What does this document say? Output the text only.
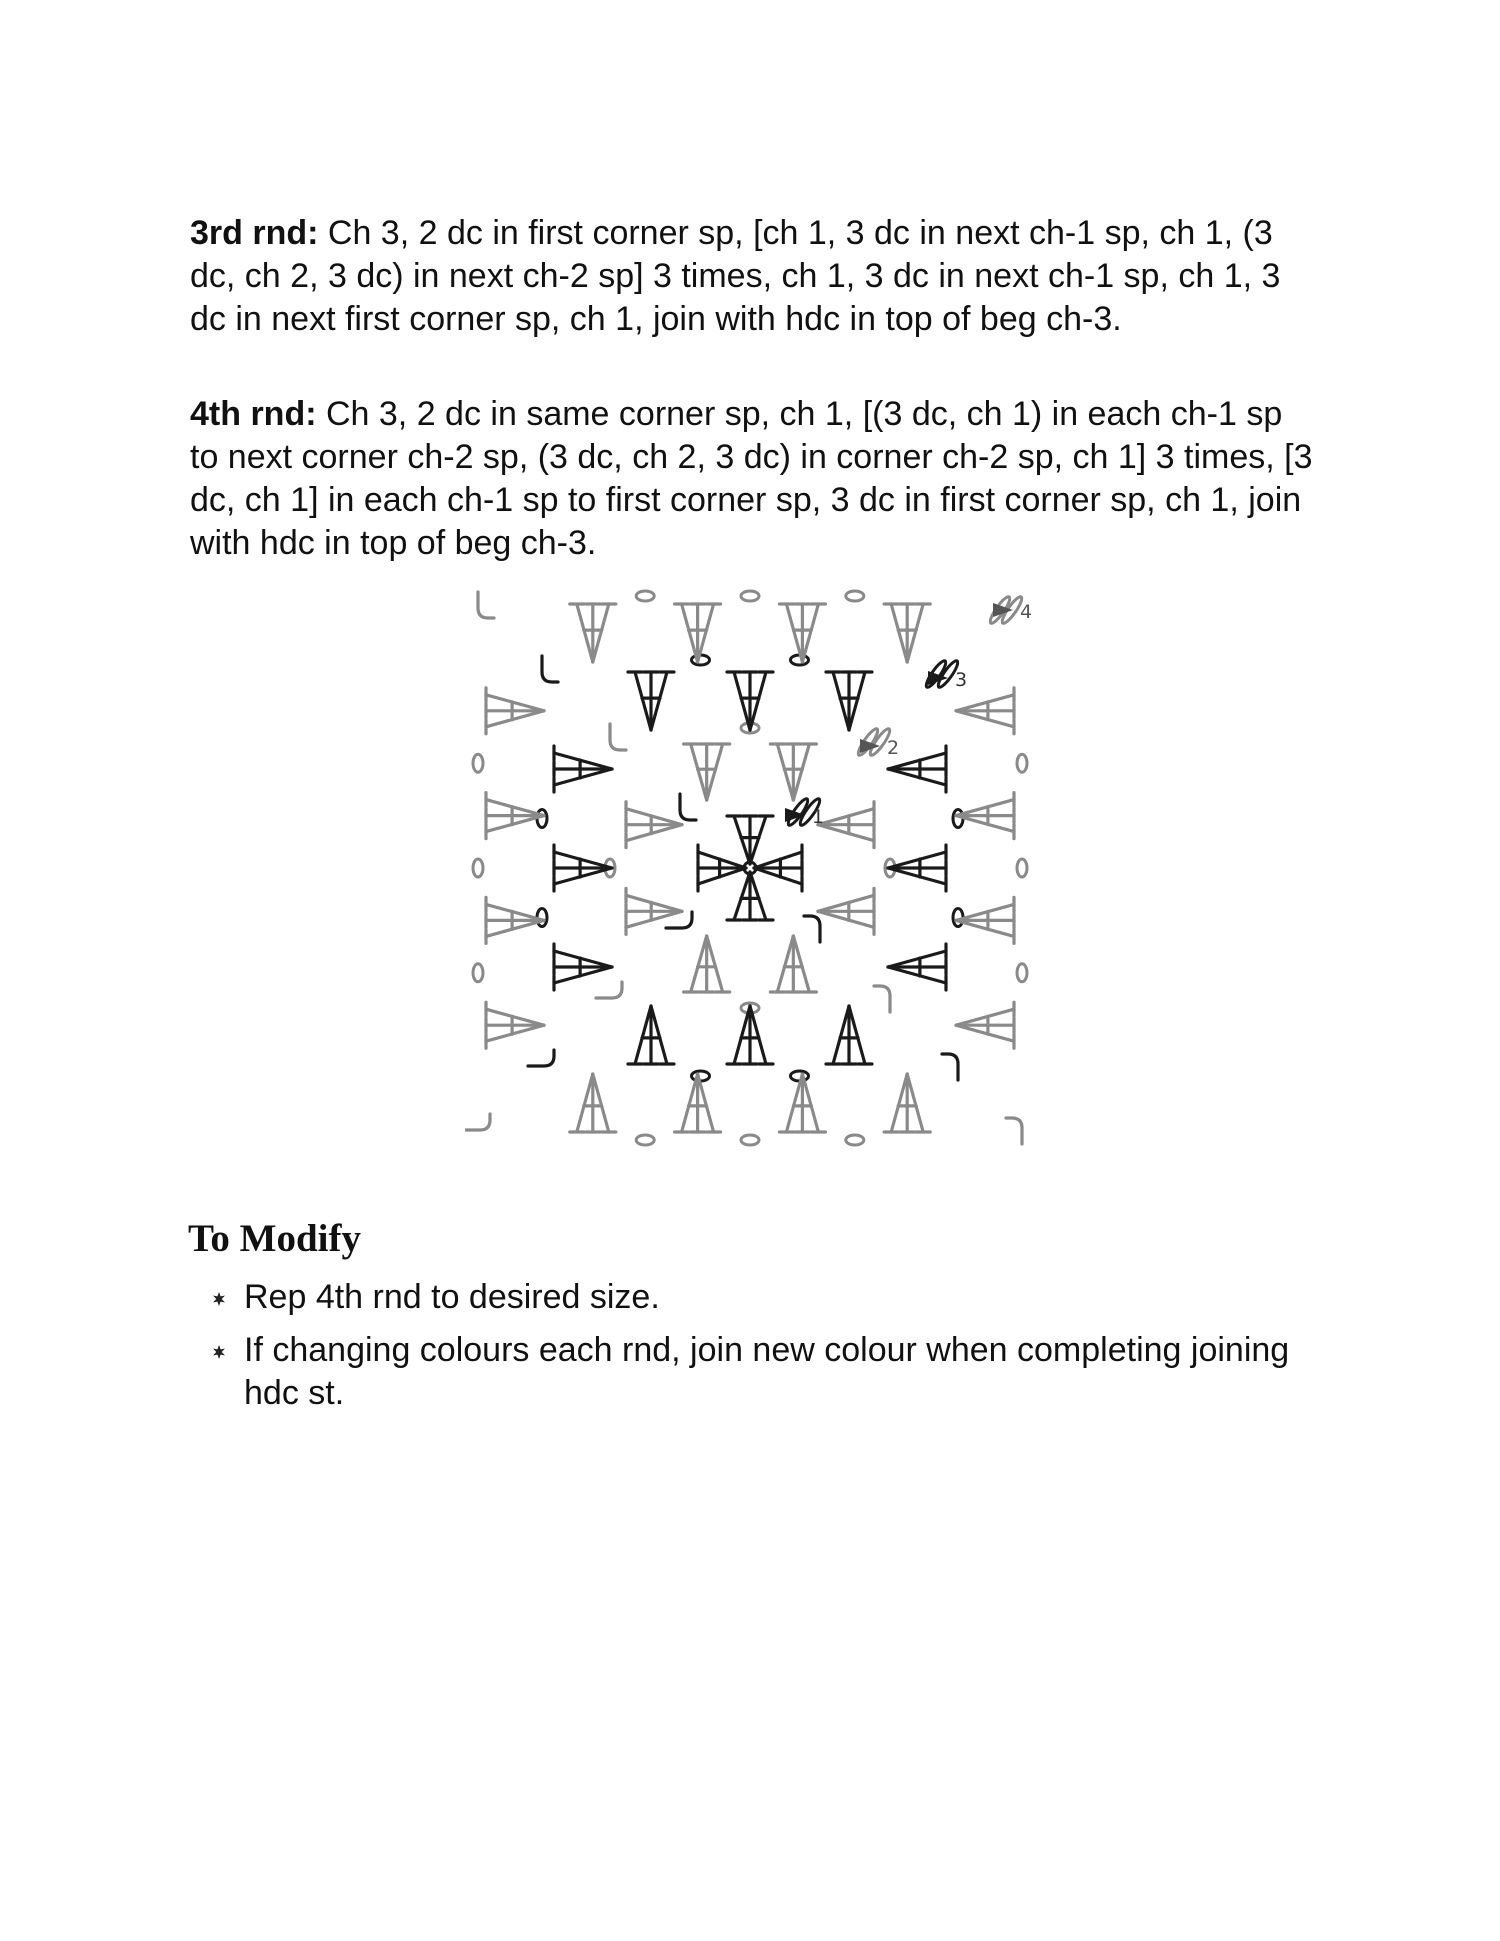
3rd rnd: Ch 3, 2 dc in first corner sp, [ch 1, 3 dc in next ch-1 sp, ch 1, (3 dc, ch 2, 3 dc) in next ch-2 sp] 3 times, ch 1, 3 dc in next ch-1 sp, ch 1, 3 dc in next first corner sp, ch 1, join with hdc in top of beg ch-3.

4th rnd: Ch 3, 2 dc in same corner sp, ch 1, [(3 dc, ch 1) in each ch-1 sp to next corner ch-2 sp, (3 dc, ch 2, 3 dc) in corner ch-2 sp, ch 1] 3 times, [3 dc, ch 1] in each ch-1 sp to first corner sp, 3 dc in first corner sp, ch 1, join with hdc in top of beg ch-3.

1
2
3
4
To Modify
Rep 4th rnd to desired size.
If changing colours each rnd, join new colour when completing joining hdc st.
